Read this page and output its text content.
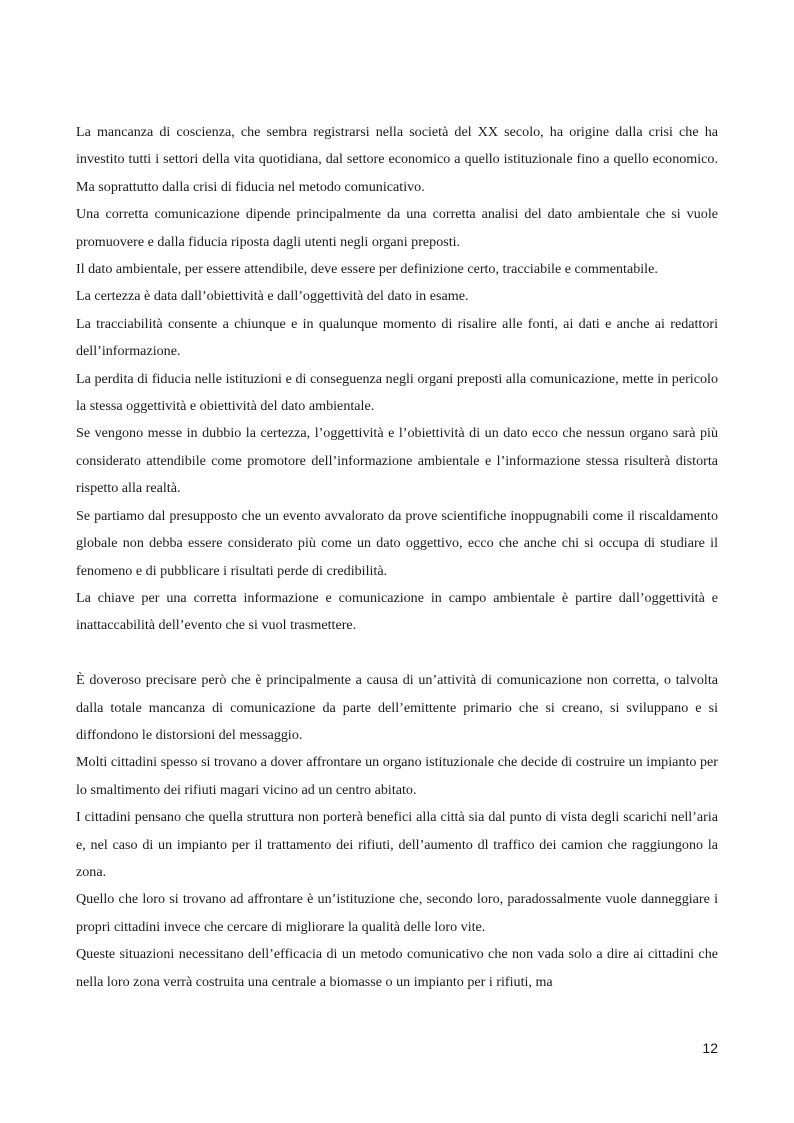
La mancanza di coscienza, che sembra registrarsi nella società del XX secolo, ha origine dalla crisi che ha investito tutti i settori della vita quotidiana, dal settore economico a quello istituzionale fino a quello economico. Ma soprattutto dalla crisi di fiducia nel metodo comunicativo.

Una corretta comunicazione dipende principalmente da una corretta analisi del dato ambientale che si vuole promuovere e dalla fiducia riposta dagli utenti negli organi preposti.

Il dato ambientale, per essere attendibile, deve essere per definizione certo, tracciabile e commentabile.

La certezza è data dall’obiettività e dall’oggettività del dato in esame.

La tracciabilità consente a chiunque e in qualunque momento di risalire alle fonti, ai dati e anche ai redattori dell’informazione.

La perdita di fiducia nelle istituzioni e di conseguenza negli organi preposti alla comunicazione, mette in pericolo la stessa oggettività e obiettività del dato ambientale.

Se vengono messe in dubbio la certezza, l’oggettività e l’obiettività di un dato ecco che nessun organo sarà più considerato attendibile come promotore dell’informazione ambientale e l’informazione stessa risulterà distorta rispetto alla realtà.

Se partiamo dal presupposto che un evento avvalorato da prove scientifiche inoppugnabili come il riscaldamento globale non debba essere considerato più come un dato oggettivo, ecco che anche chi si occupa di studiare il fenomeno e di pubblicare i risultati perde di credibilità.

La chiave per una corretta informazione e comunicazione in campo ambientale è partire dall’oggettività e inattaccabilità dell’evento che si vuol trasmettere.

È doveroso precisare però che è principalmente a causa di un’attività di comunicazione non corretta, o talvolta dalla totale mancanza di comunicazione da parte dell’emittente primario che si creano, si sviluppano e si diffondono le distorsioni del messaggio.

Molti cittadini spesso si trovano a dover affrontare un organo istituzionale che decide di costruire un impianto per lo smaltimento dei rifiuti magari vicino ad un centro abitato.

I cittadini pensano che quella struttura non porterà benefici alla città sia dal punto di vista degli scarichi nell’aria e, nel caso di un impianto per il trattamento dei rifiuti, dell’aumento dl traffico dei camion che raggiungono la zona.

Quello che loro si trovano ad affrontare è un’istituzione che, secondo loro, paradossalmente vuole danneggiare i propri cittadini invece che cercare di migliorare la qualità delle loro vite.

Queste situazioni necessitano dell’efficacia di un metodo comunicativo che non vada solo a dire ai cittadini che nella loro zona verrà costruita una centrale a biomasse o un impianto per i rifiuti, ma

12
